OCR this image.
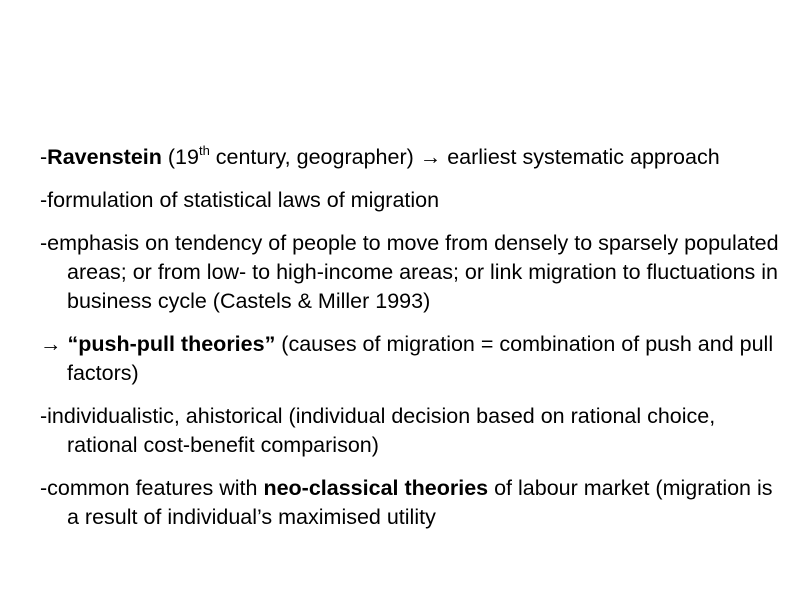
-Ravenstein (19th century, geographer) → earliest systematic approach

-formulation of statistical laws of migration

-emphasis on tendency of people to move from densely to sparsely populated areas; or from low- to high-income areas; or link migration to fluctuations in business cycle (Castels & Miller 1993)

→ “push-pull theories” (causes of migration = combination of push and pull factors)

-individualistic, ahistorical (individual decision based on rational choice, rational cost-benefit comparison)

-common features with neo-classical theories of labour market (migration is a result of individual’s maximised utility
